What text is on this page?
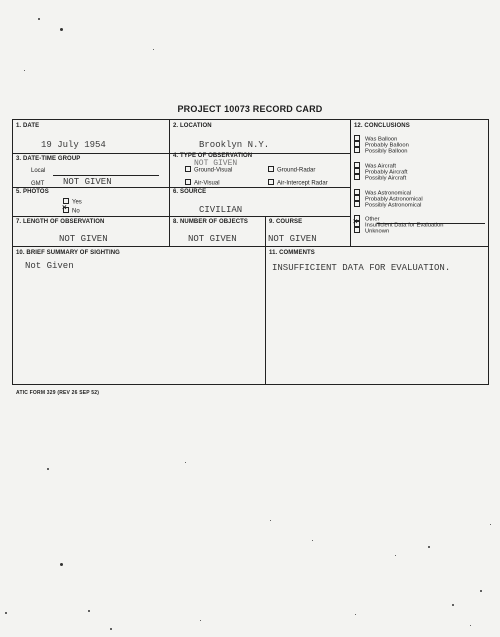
PROJECT 10073 RECORD CARD
1. DATE
19 July 1954
2. LOCATION
Brooklyn N.Y.
3. DATE-TIME GROUP
Local
GMT NOT GIVEN
4. TYPE OF OBSERVATION
NOT GIVEN
Ground-Visual	Ground-Radar
Air-Visual	Air-Intercept Radar
5. PHOTOS
Yes
×No
6. SOURCE
CIVILIAN
7. LENGTH OF OBSERVATION
NOT GIVEN
8. NUMBER OF OBJECTS
NOT GIVEN
9. COURSE
NOT GIVEN
10. BRIEF SUMMARY OF SIGHTING
Not Given
11. COMMENTS
INSUFFICIENT DATA FOR EVALUATION.
12. CONCLUSIONS
Was Balloon
Probably Balloon
Possibly Balloon
Was Aircraft
Probably Aircraft
Possibly Aircraft
Was Astronomical
Probably Astronomical
Possibly Astronomical
Other
×Insufficient Data for Evaluation
Unknown
ATIC FORM 329 (REV 26 SEP 52)
